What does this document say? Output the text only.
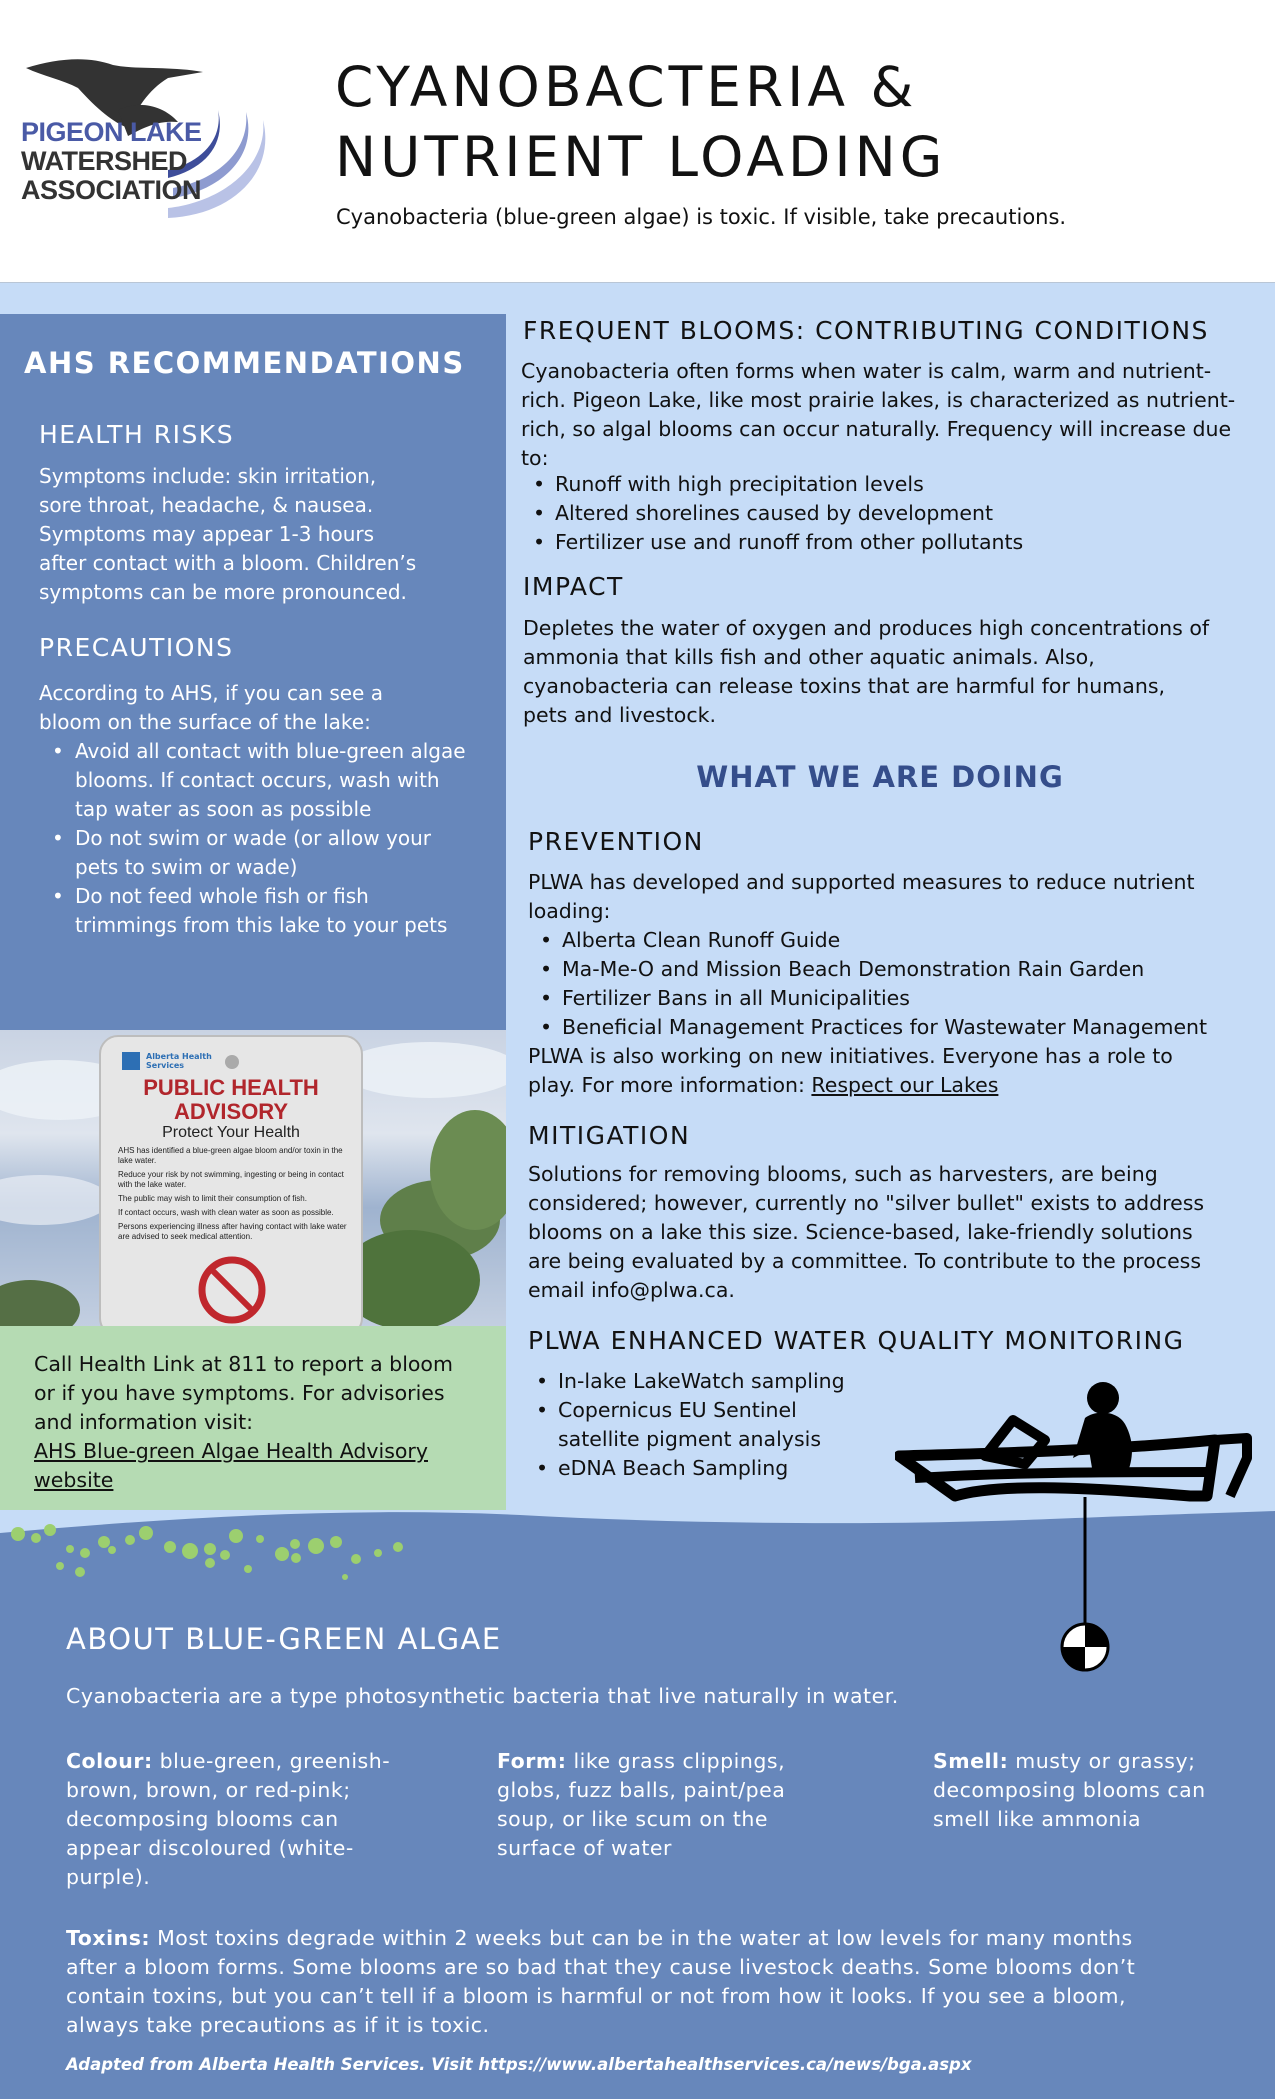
PIGEON LAKE
WATERSHED
ASSOCIATION
CYANOBACTERIA &
NUTRIENT LOADING
Cyanobacteria (blue-green algae) is toxic. If visible, take precautions.
AHS RECOMMENDATIONS
HEALTH RISKS
Symptoms include: skin irritation,
sore throat, headache, & nausea.
Symptoms may appear 1-3 hours
after contact with a bloom. Children’s
symptoms can be more pronounced.
PRECAUTIONS
According to AHS, if you can see a
bloom on the surface of the lake:
• Avoid all contact with blue-green algae blooms. If contact occurs, wash with tap water as soon as possible
• Do not swim or wade (or allow your pets to swim or wade)
• Do not feed whole fish or fish trimmings from this lake to your pets
Alberta Health Services
PUBLIC HEALTH
ADVISORY
Protect Your Health
AHS has identified a blue-green algae bloom and/or toxin in the lake water.
Reduce your risk by not swimming, ingesting or being in contact with the lake water.
The public may wish to limit their consumption of fish.
If contact occurs, wash with clean water as soon as possible.
Persons experiencing illness after having contact with lake water are advised to seek medical attention.
Call Health Link at 811 to report a bloom
or if you have symptoms. For advisories
and information visit:
AHS Blue-green Algae Health Advisory
website
FREQUENT BLOOMS: CONTRIBUTING CONDITIONS
Cyanobacteria often forms when water is calm, warm and nutrient-
rich. Pigeon Lake, like most prairie lakes, is characterized as nutrient-
rich, so algal blooms can occur naturally. Frequency will increase due
to:
• Runoff with high precipitation levels
• Altered shorelines caused by development
• Fertilizer use and runoff from other pollutants
IMPACT
Depletes the water of oxygen and produces high concentrations of
ammonia that kills fish and other aquatic animals. Also,
cyanobacteria can release toxins that are harmful for humans,
pets and livestock.
WHAT WE ARE DOING
PREVENTION
PLWA has developed and supported measures to reduce nutrient
loading:
• Alberta Clean Runoff Guide
• Ma-Me-O and Mission Beach Demonstration Rain Garden
• Fertilizer Bans in all Municipalities
• Beneficial Management Practices for Wastewater Management
PLWA is also working on new initiatives. Everyone has a role to
play. For more information: Respect our Lakes
MITIGATION
Solutions for removing blooms, such as harvesters, are being
considered; however, currently no "silver bullet" exists to address
blooms on a lake this size. Science-based, lake-friendly solutions
are being evaluated by a committee. To contribute to the process
email info@plwa.ca.
PLWA ENHANCED WATER QUALITY MONITORING
• In-lake LakeWatch sampling
• Copernicus EU Sentinel satellite pigment analysis
• eDNA Beach Sampling
ABOUT BLUE-GREEN ALGAE
Cyanobacteria are a type photosynthetic bacteria that live naturally in water.
Colour: blue-green, greenish-
brown, brown, or red-pink;
decomposing blooms can
appear discoloured (white-
purple).
Form: like grass clippings,
globs, fuzz balls, paint/pea
soup, or like scum on the
surface of water
Smell: musty or grassy;
decomposing blooms can
smell like ammonia
Toxins: Most toxins degrade within 2 weeks but can be in the water at low levels for many months
after a bloom forms. Some blooms are so bad that they cause livestock deaths. Some blooms don’t
contain toxins, but you can’t tell if a bloom is harmful or not from how it looks. If you see a bloom,
always take precautions as if it is toxic.
Adapted from Alberta Health Services. Visit https://www.albertahealthservices.ca/news/bga.aspx
